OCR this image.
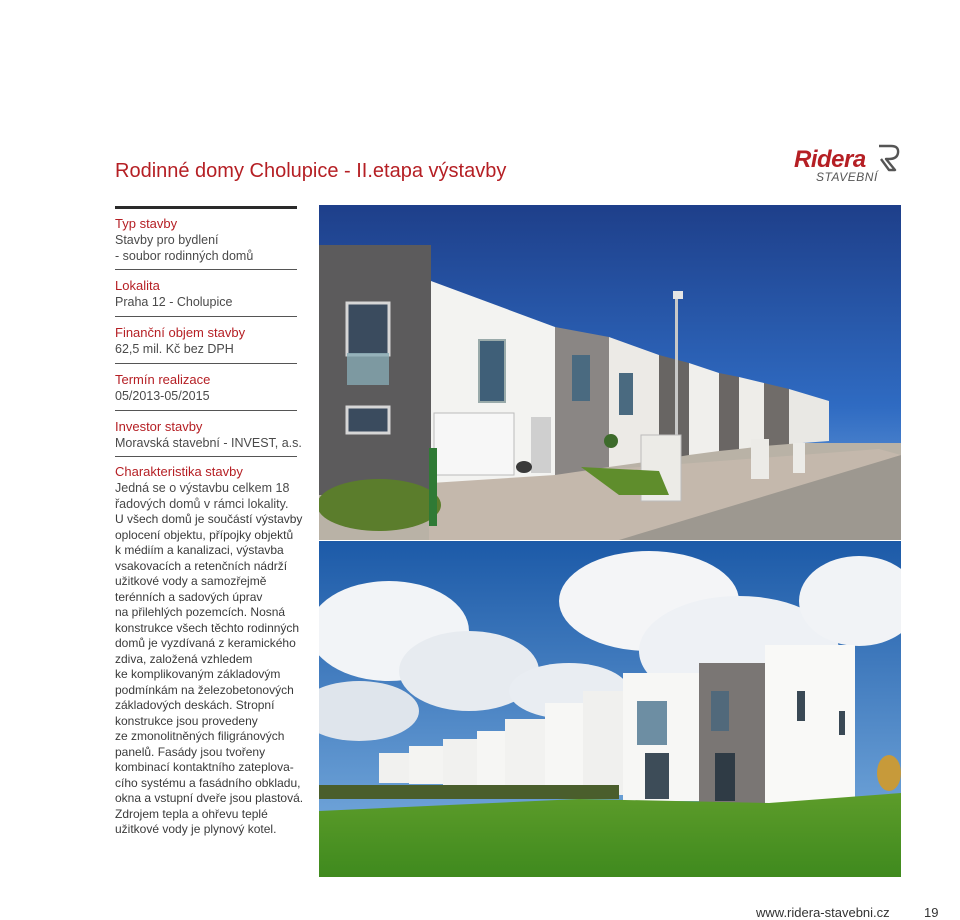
Rodinné domy Cholupice - II.etapa výstavby	Ridera
STAVEBNÍ
Typ stavby
Stavby pro bydlení
- soubor rodinných domů
Lokalita
Praha 12 - Cholupice
Finanční objem stavby
62,5 mil. Kč bez DPH
Termín realizace
05/2013-05/2015
Investor stavby
Moravská stavební - INVEST, a.s.
Charakteristika stavby
Jedná se o výstavbu celkem 18
řadových domů v rámci lokality.
U všech domů je součástí výstavby
oplocení objektu, přípojky objektů
k médiím a kanalizaci, výstavba
vsakovacích a retenčních nádrží
užitkové vody a samozřejmě
terénních a sadových úprav
na přilehlých pozemcích. Nosná
konstrukce všech těchto rodinných
domů je vyzdívaná z keramického
zdiva, založená vzhledem
ke komplikovaným základovým
podmínkám na železobetonových
základových deskách. Stropní
konstrukce jsou provedeny
ze zmonolitněných filigránových
panelů. Fasády jsou tvořeny
kombinací kontaktního zateplova-
cího systému a fasádního obkladu,
okna a vstupní dveře jsou plastová.
Zdrojem tepla a ohřevu teplé
užitkové vody je plynový kotel.
www.ridera-stavebni.cz	19
